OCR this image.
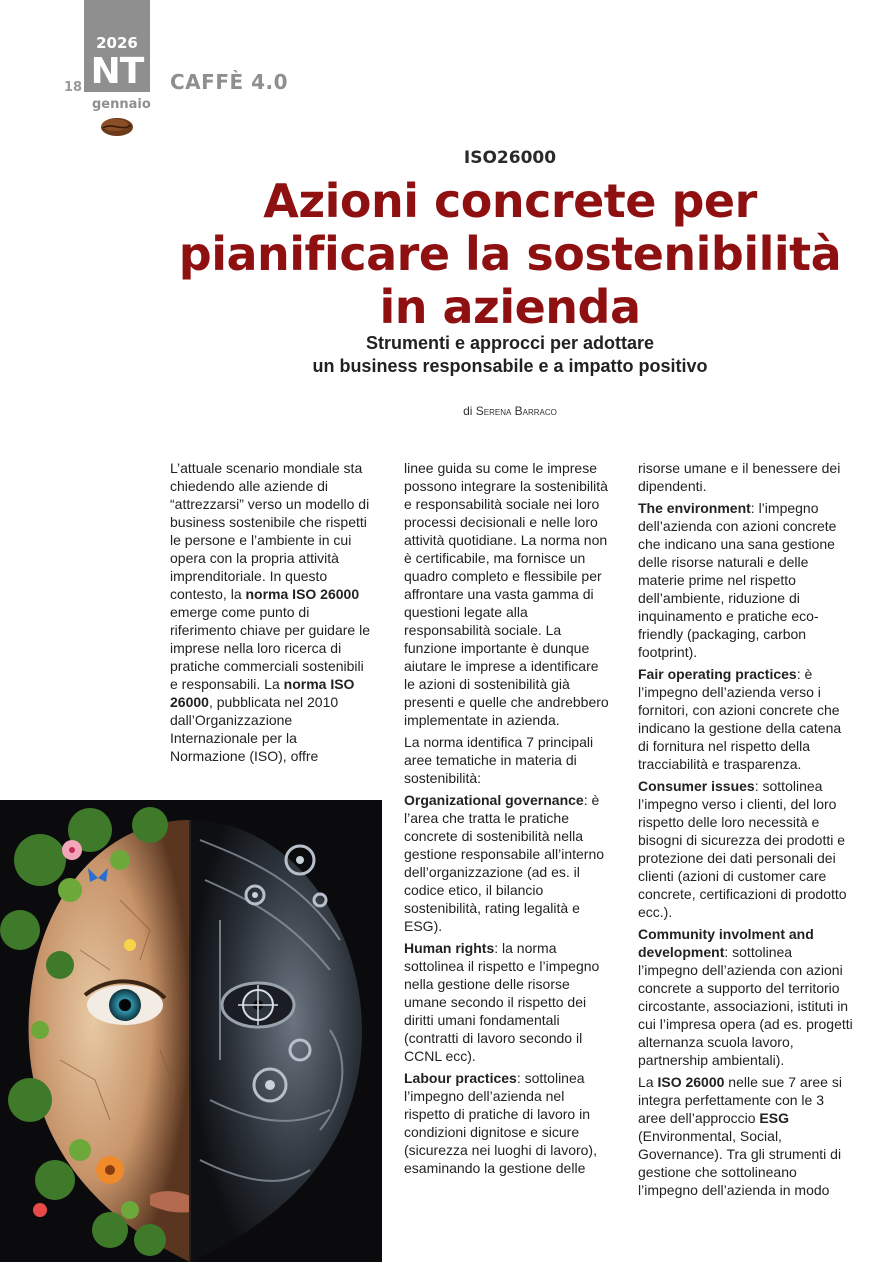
2026
NT
18
gennaio
CAFFÈ 4.0
ISO26000
Azioni concrete per pianificare la sostenibilità in azienda
Strumenti e approcci per adottare
un business responsabile e a impatto positivo
di Serena Barraco

L’attuale scenario mondiale sta chiedendo alle aziende di “attrezzarsi” verso un modello di business sostenibile che rispetti le persone e l’ambiente in cui opera con la propria attività imprenditoriale. In questo contesto, la norma ISO 26000 emerge come punto di riferimento chiave per guidare le imprese nella loro ricerca di pratiche commerciali sostenibili e responsabili. La norma ISO 26000, pubblicata nel 2010 dall’Organizzazione Internazionale per la Normazione (ISO), offre

linee guida su come le imprese possono integrare la sostenibilità e responsabilità sociale nei loro processi decisionali e nelle loro attività quotidiane. La norma non è certificabile, ma fornisce un quadro completo e flessibile per affrontare una vasta gamma di questioni legate alla responsabilità sociale. La funzione importante è dunque aiutare le imprese a identificare le azioni di sostenibilità già presenti e quelle che andrebbero implementate in azienda.

La norma identifica 7 principali aree tematiche in materia di sostenibilità:

Organizational governance: è l’area che tratta le pratiche concrete di sostenibilità nella gestione responsabile all’interno dell’organizzazione (ad es. il codice etico, il bilancio sostenibilità, rating legalità e ESG).

Human rights: la norma sottolinea il rispetto e l’impegno nella gestione delle risorse umane secondo il rispetto dei diritti umani fondamentali (contratti di lavoro secondo il CCNL ecc).

Labour practices: sottolinea l’impegno dell’azienda nel rispetto di pratiche di lavoro in condizioni dignitose e sicure (sicurezza nei luoghi di lavoro), esaminando la gestione delle

risorse umane e il benessere dei dipendenti.

The environment: l’impegno dell’azienda con azioni concrete che indicano una sana gestione delle risorse naturali e delle materie prime nel rispetto dell’ambiente, riduzione di inquinamento e pratiche eco-friendly (packaging, carbon footprint).

Fair operating practices: è l’impegno dell’azienda verso i fornitori, con azioni concrete che indicano la gestione della catena di fornitura nel rispetto della tracciabilità e trasparenza.

Consumer issues: sottolinea l’impegno verso i clienti, del loro rispetto delle loro necessità e bisogni di sicurezza dei prodotti e protezione dei dati personali dei clienti (azioni di customer care concrete, certificazioni di prodotto ecc.).

Community involment and development: sottolinea l’impegno dell’azienda con azioni concrete a supporto del territorio circostante, associazioni, istituti in cui l’impresa opera (ad es. progetti alternanza scuola lavoro, partnership ambientali).

La ISO 26000 nelle sue 7 aree si integra perfettamente con le 3 aree dell’approccio ESG (Environmental, Social, Governance). Tra gli strumenti di gestione che sottolineano l’impegno dell’azienda in modo
